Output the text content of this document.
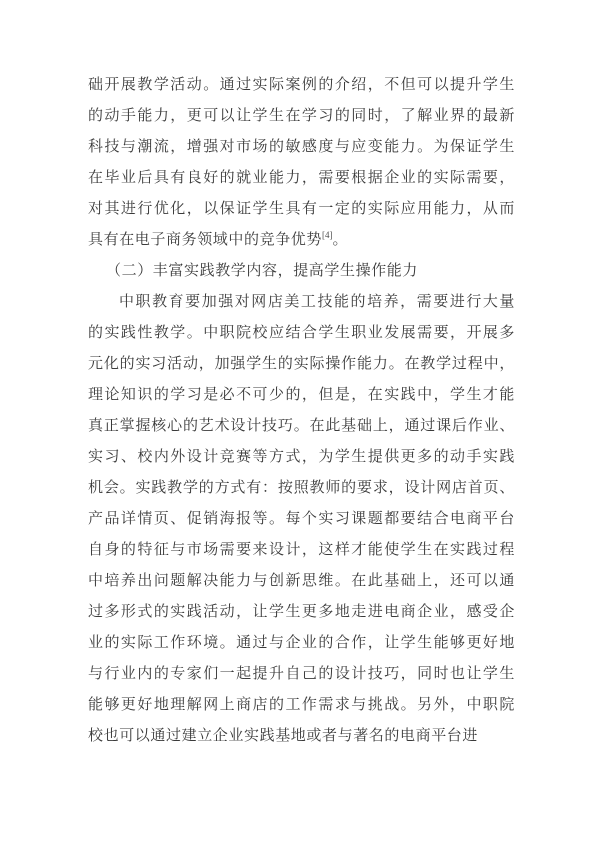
础开展教学活动。通过实际案例的介绍，不但可以提升学生
的动手能力，更可以让学生在学习的同时，了解业界的最新
科技与潮流，增强对市场的敏感度与应变能力。为保证学生
在毕业后具有良好的就业能力，需要根据企业的实际需要，
对其进行优化，以保证学生具有一定的实际应用能力，从而
具有在电子商务领域中的竞争优势[4]。
（二）丰富实践教学内容，提高学生操作能力
中职教育要加强对网店美工技能的培养，需要进行大量
的实践性教学。中职院校应结合学生职业发展需要，开展多
元化的实习活动，加强学生的实际操作能力。在教学过程中，
理论知识的学习是必不可少的，但是，在实践中，学生才能
真正掌握核心的艺术设计技巧。在此基础上，通过课后作业、
实习、校内外设计竞赛等方式，为学生提供更多的动手实践
机会。实践教学的方式有：按照教师的要求，设计网店首页、
产品详情页、促销海报等。每个实习课题都要结合电商平台
自身的特征与市场需要来设计，这样才能使学生在实践过程
中培养出问题解决能力与创新思维。在此基础上，还可以通
过多形式的实践活动，让学生更多地走进电商企业，感受企
业的实际工作环境。通过与企业的合作，让学生能够更好地
与行业内的专家们一起提升自己的设计技巧，同时也让学生
能够更好地理解网上商店的工作需求与挑战。另外，中职院
校也可以通过建立企业实践基地或者与著名的电商平台进
